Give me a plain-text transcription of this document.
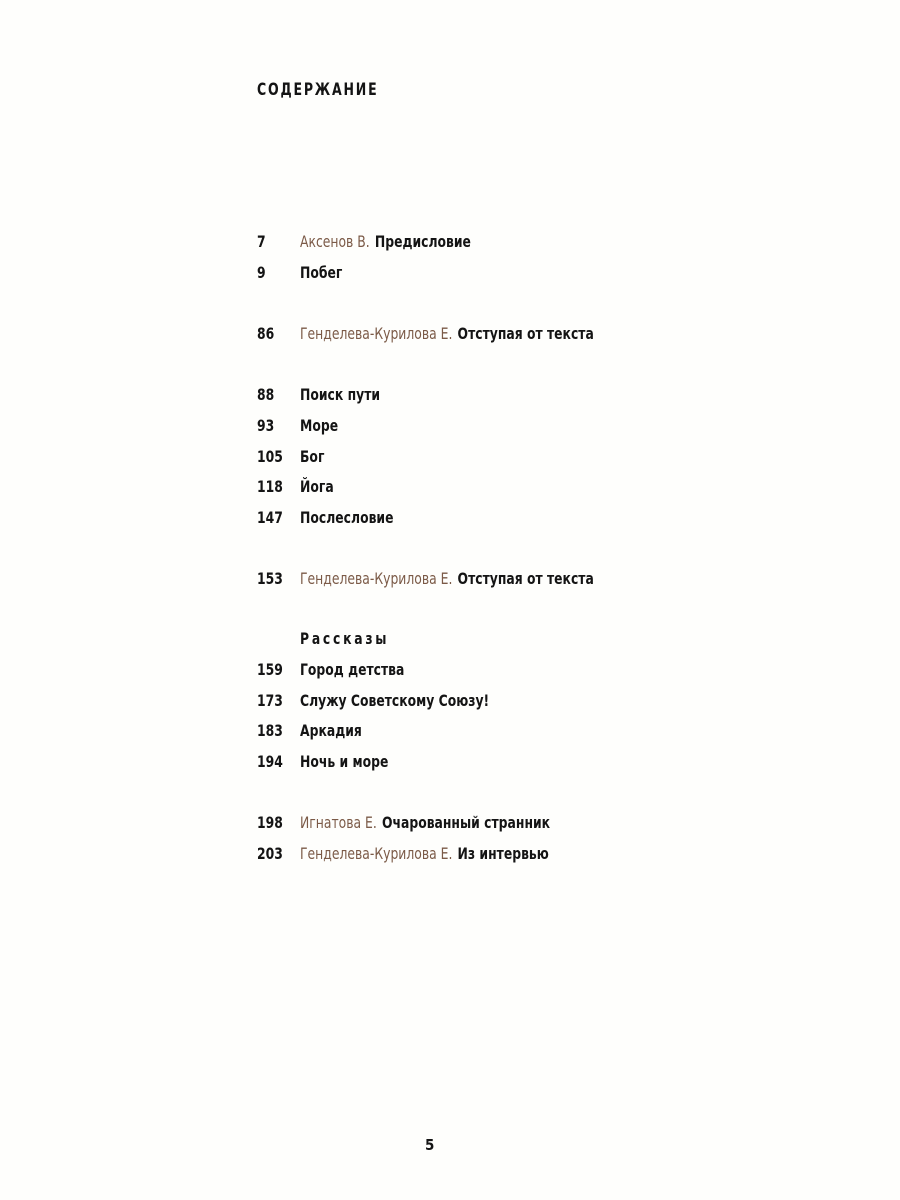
СОДЕРЖАНИЕ
7 Аксенов В. Предисловие
9 Побег
86 Генделева-Курилова Е. Отступая от текста
88 Поиск пути
93 Море
105 Бог
118 Йога
147 Послесловие
153 Генделева-Курилова Е. Отступая от текста
Рассказы
159 Город детства
173 Служу Советскому Союзу!
183 Аркадия
194 Ночь и море
198 Игнатова Е. Очарованный странник
203 Генделева-Курилова Е. Из интервью
5
